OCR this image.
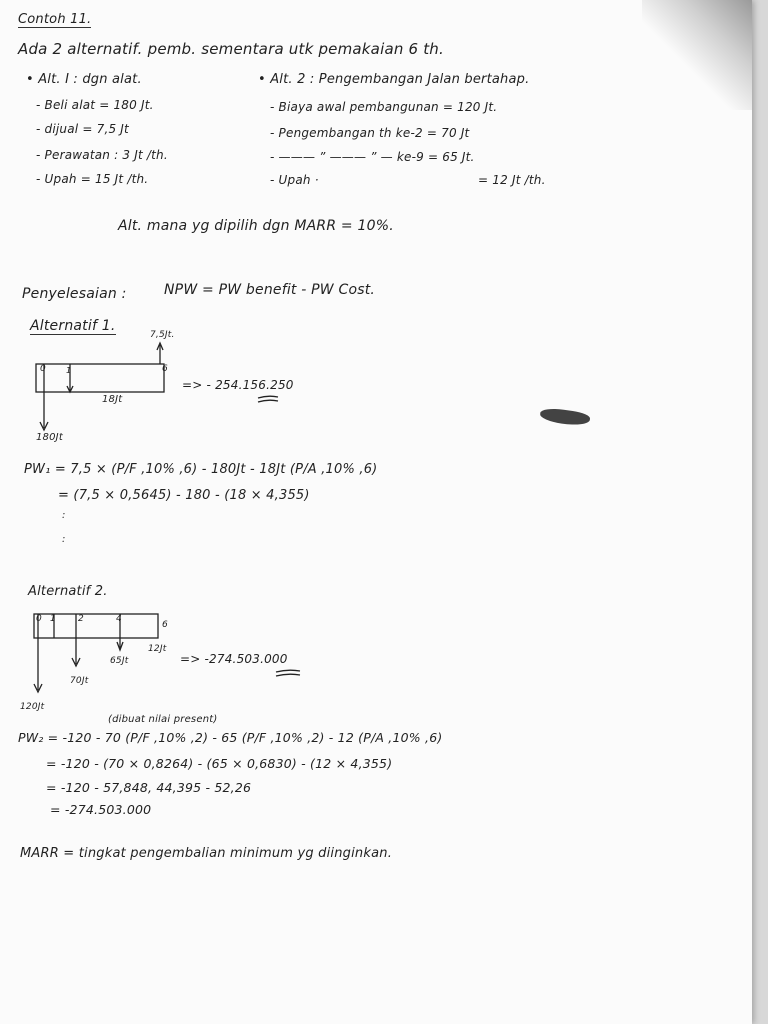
Contoh 11.
Ada 2 alternatif. pemb. sementara utk pemakaian 6 th.
• Alt. I : dgn alat.
- Beli alat = 180 Jt.
- dijual = 7,5 Jt
- Perawatan : 3 Jt /th.
- Upah = 15 Jt /th.
• Alt. 2 : Pengembangan Jalan bertahap.
- Biaya awal pembangunan = 120 Jt.
- Pengembangan th ke-2 = 70 Jt
- ——— ” ——— ” — ke-9 = 65 Jt.
- Upah ·	= 12 Jt /th.
Alt. mana yg dipilih dgn MARR = 10%.
Penyelesaian :	NPW = PW benefit - PW Cost.
Alternatif 1.
7,5Jt.
0	1	6
18Jt
180Jt
=> - 254.156.250
PW₁ = 7,5 × (P/F ,10% ,6) - 180Jt - 18Jt (P/A ,10% ,6)
= (7,5 × 0,5645) - 180 - (18 × 4,355)
:
:
Alternatif 2.
0 1 2	4
6
12Jt
65Jt
70Jt
120Jt
=> -274.503.000
(dibuat nilai present)
PW₂ = -120 - 70 (P/F ,10% ,2) - 65 (P/F ,10% ,2) - 12 (P/A ,10% ,6)
= -120 - (70 × 0,8264) - (65 × 0,6830) - (12 × 4,355)
= -120 - 57,848, 44,395 - 52,26
= -274.503.000
MARR = tingkat pengembalian minimum yg diinginkan.
